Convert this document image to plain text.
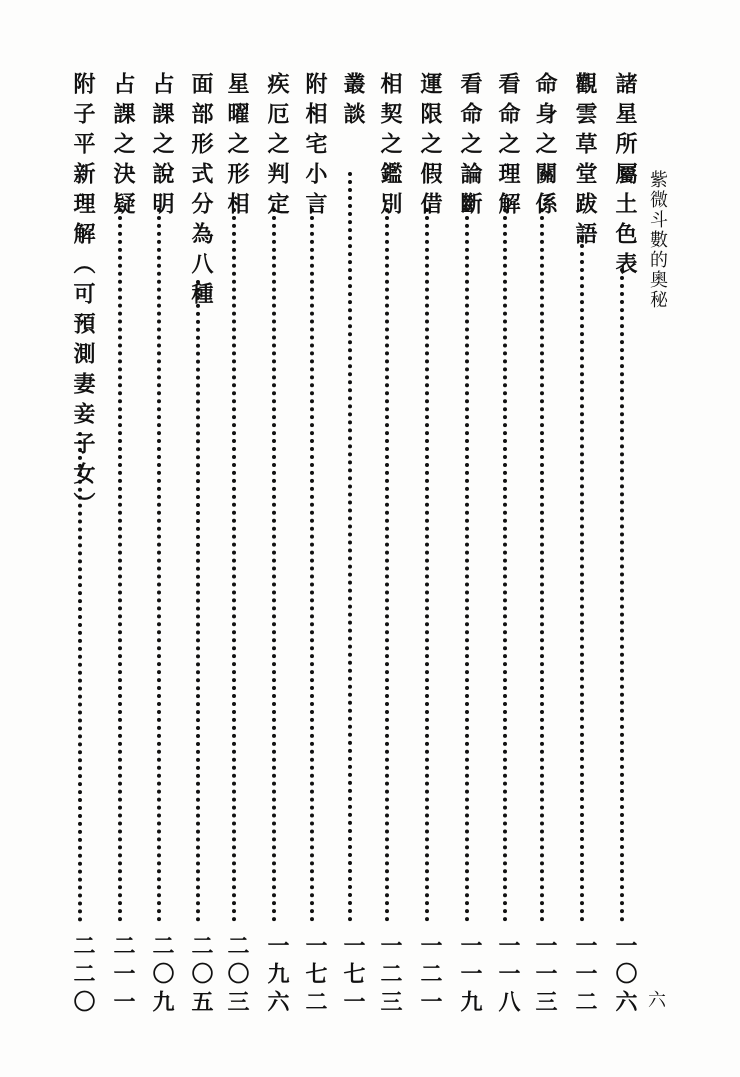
紫微斗數的奧秘
六
諸星所屬土色表
一〇六
觀雲草堂跋語
一一二
命身之關係
一一三
看命之理解
一一八
看命之論斷
一一九
運限之假借
一二一
相契之鑑別
一二三
叢談
一七一
附相宅小言
一七二
疾厄之判定
一九六
星曜之形相
二〇三
面部形式分為八種
二〇五
占課之說明
二〇九
占課之決疑
二一一
附子平新理解（可預測妻妾子女）
二二〇
